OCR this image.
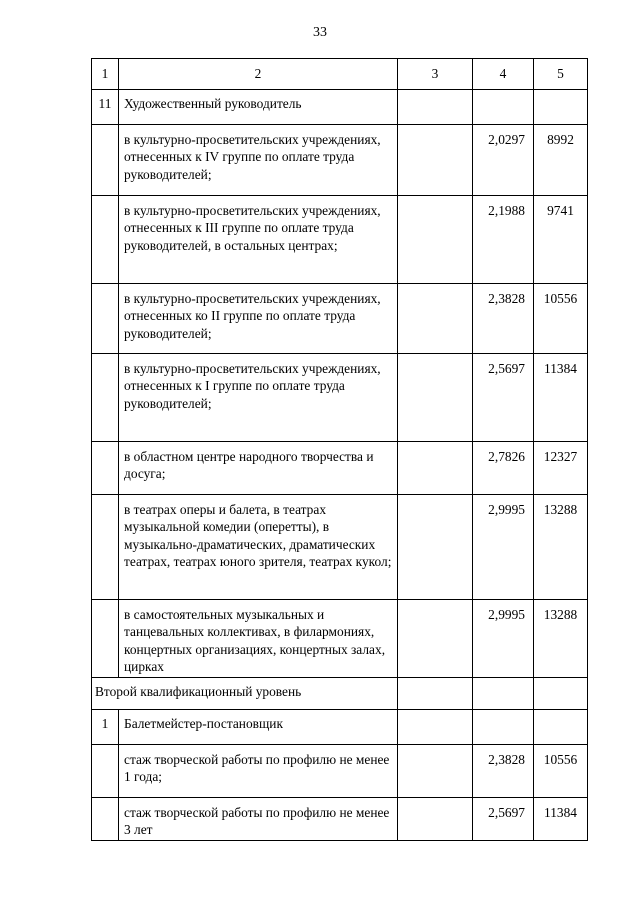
33
1	2	3	4	5
11	Художественный руководитель			
	в культурно-просветительских учреждениях, отнесенных к IV группе по оплате труда руководителей;		2,0297	8992
	в культурно-просветительских учреждениях, отнесенных к III группе по оплате труда руководителей, в остальных центрах;		2,1988	9741
	в культурно-просветительских учреждениях, отнесенных ко II группе по оплате труда руководителей;		2,3828	10556
	в культурно-просветительских учреждениях, отнесенных к I группе по оплате труда руководителей;		2,5697	11384
	в областном центре народного творчества и досуга;		2,7826	12327
	в театрах оперы и балета, в театрах музыкальной комедии (оперетты), в музыкально-драматических, драматических театрах, театрах юного зрителя, театрах кукол;		2,9995	13288
	в самостоятельных музыкальных и танцевальных коллективах, в филармониях, концертных организациях, концертных залах, цирках		2,9995	13288
Второй квалификационный уровень				
1	Балетмейстер-постановщик			
	стаж творческой работы по профилю не менее 1 года;		2,3828	10556
	стаж творческой работы по профилю не менее 3 лет		2,5697	11384
